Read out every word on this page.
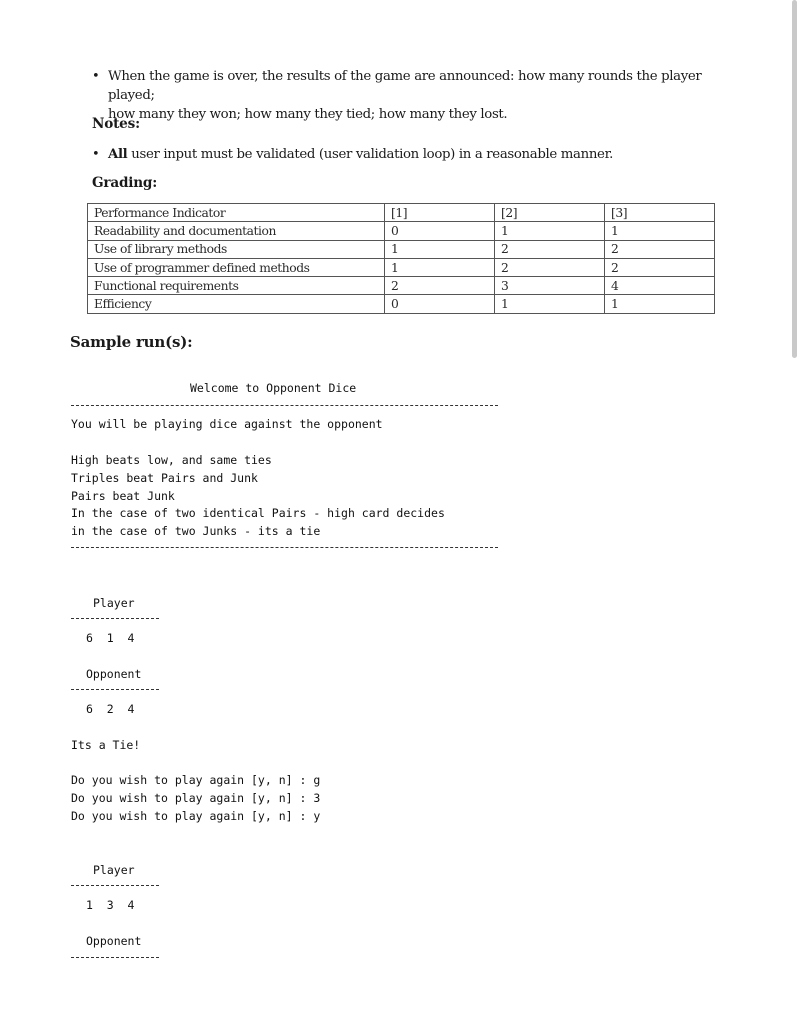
• When the game is over, the results of the game are announced: how many rounds the player played;
how many they won; how many they tied; how many they lost.
Notes:
• All user input must be validated (user validation loop) in a reasonable manner.
Grading:
Performance Indicator	[1]	[2]	[3]
Readability and documentation	0	1	1
Use of library methods	1	2	2
Use of programmer defined methods	1	2	2
Functional requirements	2	3	4
Efficiency	0	1	1
Sample run(s):
Welcome to Opponent Dice
You will be playing dice against the opponent
High beats low, and same ties
Triples beat Pairs and Junk
Pairs beat Junk
In the case of two identical Pairs - high card decides
in the case of two Junks - its a tie
Player
6  1  4
Opponent
6  2  4
Its a Tie!
Do you wish to play again [y, n] : g
Do you wish to play again [y, n] : 3
Do you wish to play again [y, n] : y
Player
1  3  4
Opponent
